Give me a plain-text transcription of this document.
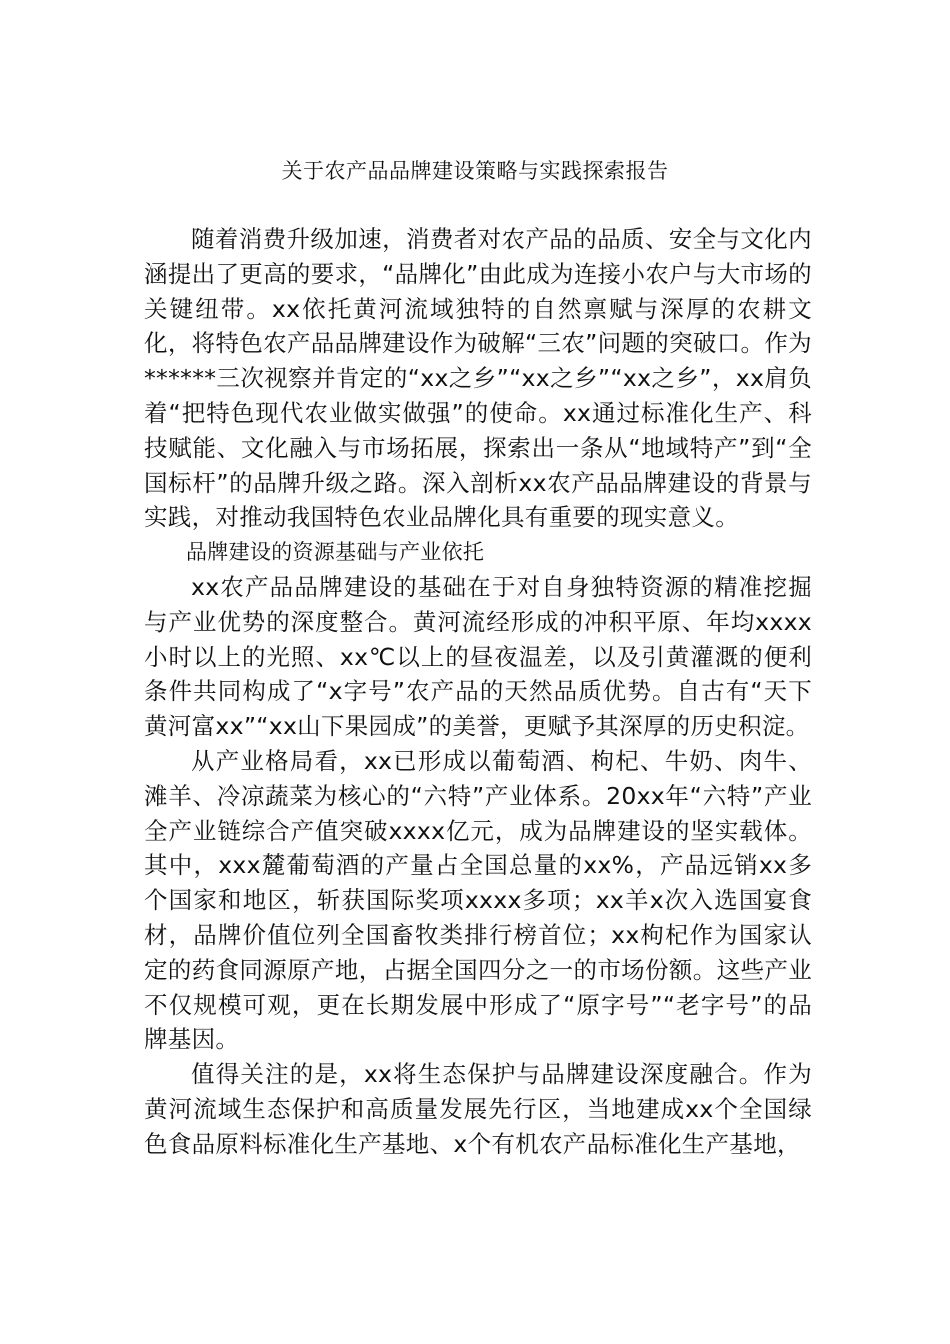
关于农产品品牌建设策略与实践探索报告

随着消费升级加速，消费者对农产品的品质、安全与文化内涵提出了更高的要求，“品牌化”由此成为连接小农户与大市场的关键纽带。xx依托黄河流域独特的自然禀赋与深厚的农耕文化，将特色农产品品牌建设作为破解“三农”问题的突破口。作为******三次视察并肯定的“xx之乡”“xx之乡”“xx之乡”，xx肩负着“把特色现代农业做实做强”的使命。xx通过标准化生产、科技赋能、文化融入与市场拓展，探索出一条从“地域特产”到“全国标杆”的品牌升级之路。深入剖析xx农产品品牌建设的背景与实践，对推动我国特色农业品牌化具有重要的现实意义。

品牌建设的资源基础与产业依托

xx农产品品牌建设的基础在于对自身独特资源的精准挖掘与产业优势的深度整合。黄河流经形成的冲积平原、年均xxxx小时以上的光照、xx℃以上的昼夜温差，以及引黄灌溉的便利条件共同构成了“x字号”农产品的天然品质优势。自古有“天下黄河富xx”“xx山下果园成”的美誉，更赋予其深厚的历史积淀。

从产业格局看，xx已形成以葡萄酒、枸杞、牛奶、肉牛、滩羊、冷凉蔬菜为核心的“六特”产业体系。20xx年“六特”产业全产业链综合产值突破xxxx亿元，成为品牌建设的坚实载体。其中，xxx麓葡萄酒的产量占全国总量的xx%，产品远销xx多个国家和地区，斩获国际奖项xxxx多项；xx羊x次入选国宴食材，品牌价值位列全国畜牧类排行榜首位；xx枸杞作为国家认定的药食同源原产地，占据全国四分之一的市场份额。这些产业不仅规模可观，更在长期发展中形成了“原字号”“老字号”的品牌基因。

值得关注的是，xx将生态保护与品牌建设深度融合。作为黄河流域生态保护和高质量发展先行区，当地建成xx个全国绿色食品原料标准化生产基地、x个有机农产品标准化生产基地，
